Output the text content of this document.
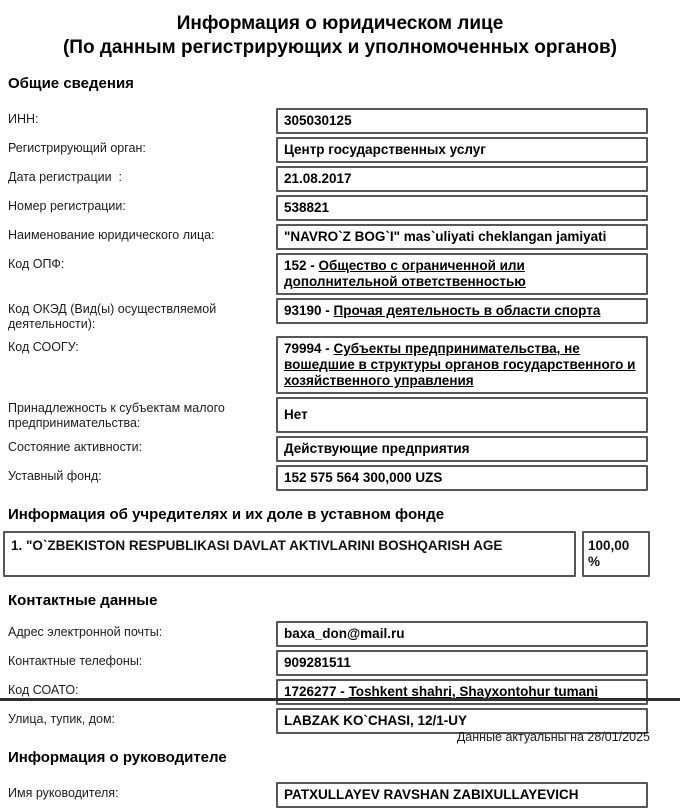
Информация о юридическом лице
(По данным регистрирующих и уполномоченных органов)
Общие сведения
ИНН:	305030125
Регистрирующий орган:	Центр государственных услуг
Дата регистрации  :	21.08.2017
Номер регистрации:	538821
Наименование юридического лица:	"NAVRO`Z BOG`I" mas`uliyati cheklangan jamiyati
Код ОПФ:	152 - Общество с ограниченной или дополнительной ответственностью
Код ОКЭД (Вид(ы) осуществляемой деятельности):
93190 - Прочая деятельность в области спорта
Код СООГУ:	79994 - Субъекты предпринимательства, не вошедшие в структуры органов государственного и хозяйственного управления
Принадлежность к субъектам малого предпринимательства:
Нет
Состояние активности:	Действующие предприятия
Уставный фонд:	152 575 564 300,000 UZS
Информация об учредителях и их доле в уставном фонде
1. "O`ZBEKISTON RESPUBLIKASI DAVLAT AKTIVLARINI BOSHQARISH AGE	100,00 %
Контактные данные
Адрес электронной почты:	baxa_don@mail.ru
Контактные телефоны:	909281511
Код СОАТО:	1726277 - Toshkent shahri, Shayxontohur tumani
Улица, тупик, дом:	LABZAK KO`CHASI, 12/1-UY
Информация о руководителе
Имя руководителя:	PATXULLAYEV RAVSHAN ZABIXULLAYEVICH
Данные актуальны на 28/01/2025
